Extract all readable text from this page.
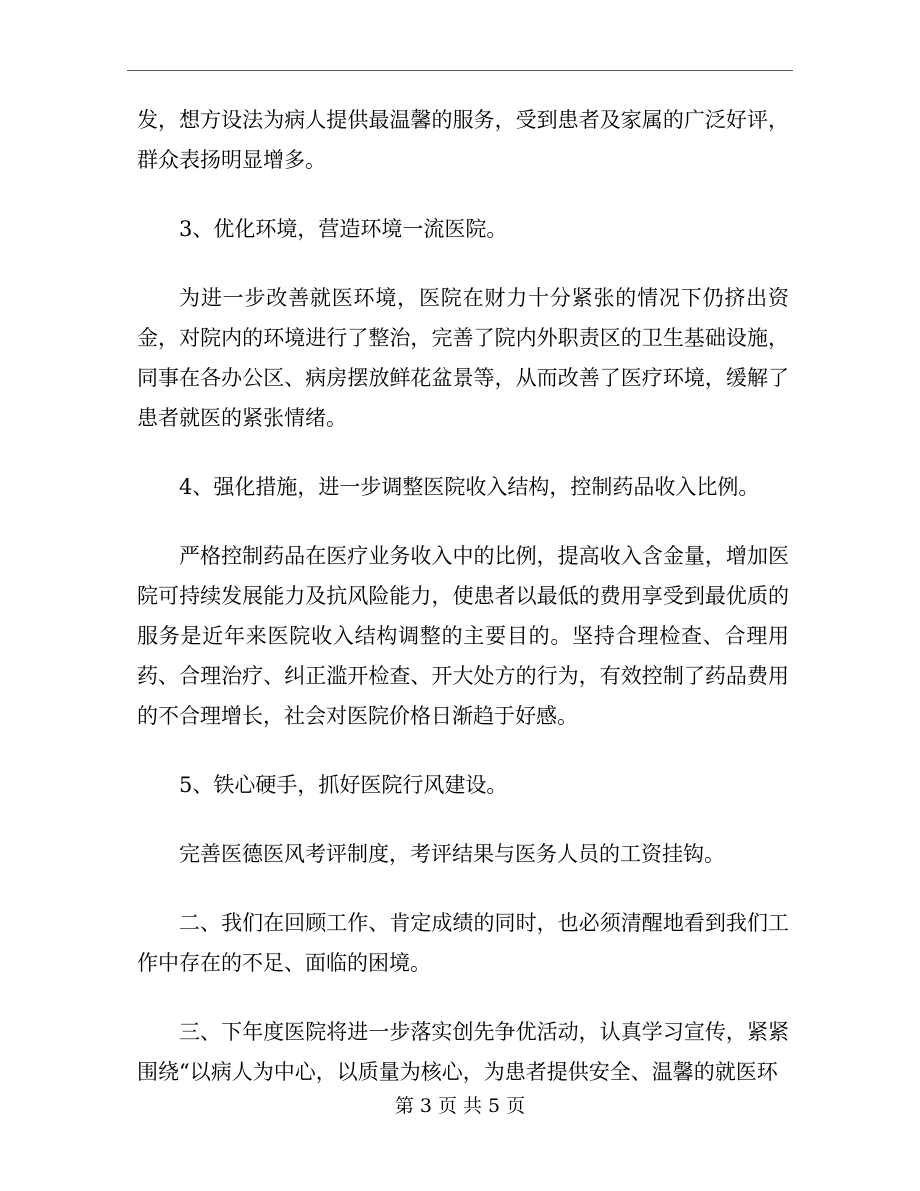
发，想方设法为病人提供最温馨的服务，受到患者及家属的广泛好评，群众表扬明显增多。

3、优化环境，营造环境一流医院。

为进一步改善就医环境，医院在财力十分紧张的情况下仍挤出资金，对院内的环境进行了整治，完善了院内外职责区的卫生基础设施，同事在各办公区、病房摆放鲜花盆景等，从而改善了医疗环境，缓解了患者就医的紧张情绪。

4、强化措施，进一步调整医院收入结构，控制药品收入比例。

严格控制药品在医疗业务收入中的比例，提高收入含金量，增加医院可持续发展能力及抗风险能力，使患者以最低的费用享受到最优质的服务是近年来医院收入结构调整的主要目的。坚持合理检查、合理用药、合理治疗、纠正滥开检查、开大处方的行为，有效控制了药品费用的不合理增长，社会对医院价格日渐趋于好感。

5、铁心硬手，抓好医院行风建设。

完善医德医风考评制度，考评结果与医务人员的工资挂钩。

二、我们在回顾工作、肯定成绩的同时，也必须清醒地看到我们工作中存在的不足、面临的困境。

三、下年度医院将进一步落实创先争优活动，认真学习宣传，紧紧围绕“以病人为中心，以质量为核心，为患者提供安全、温馨的就医环

第 3 页 共 5 页
